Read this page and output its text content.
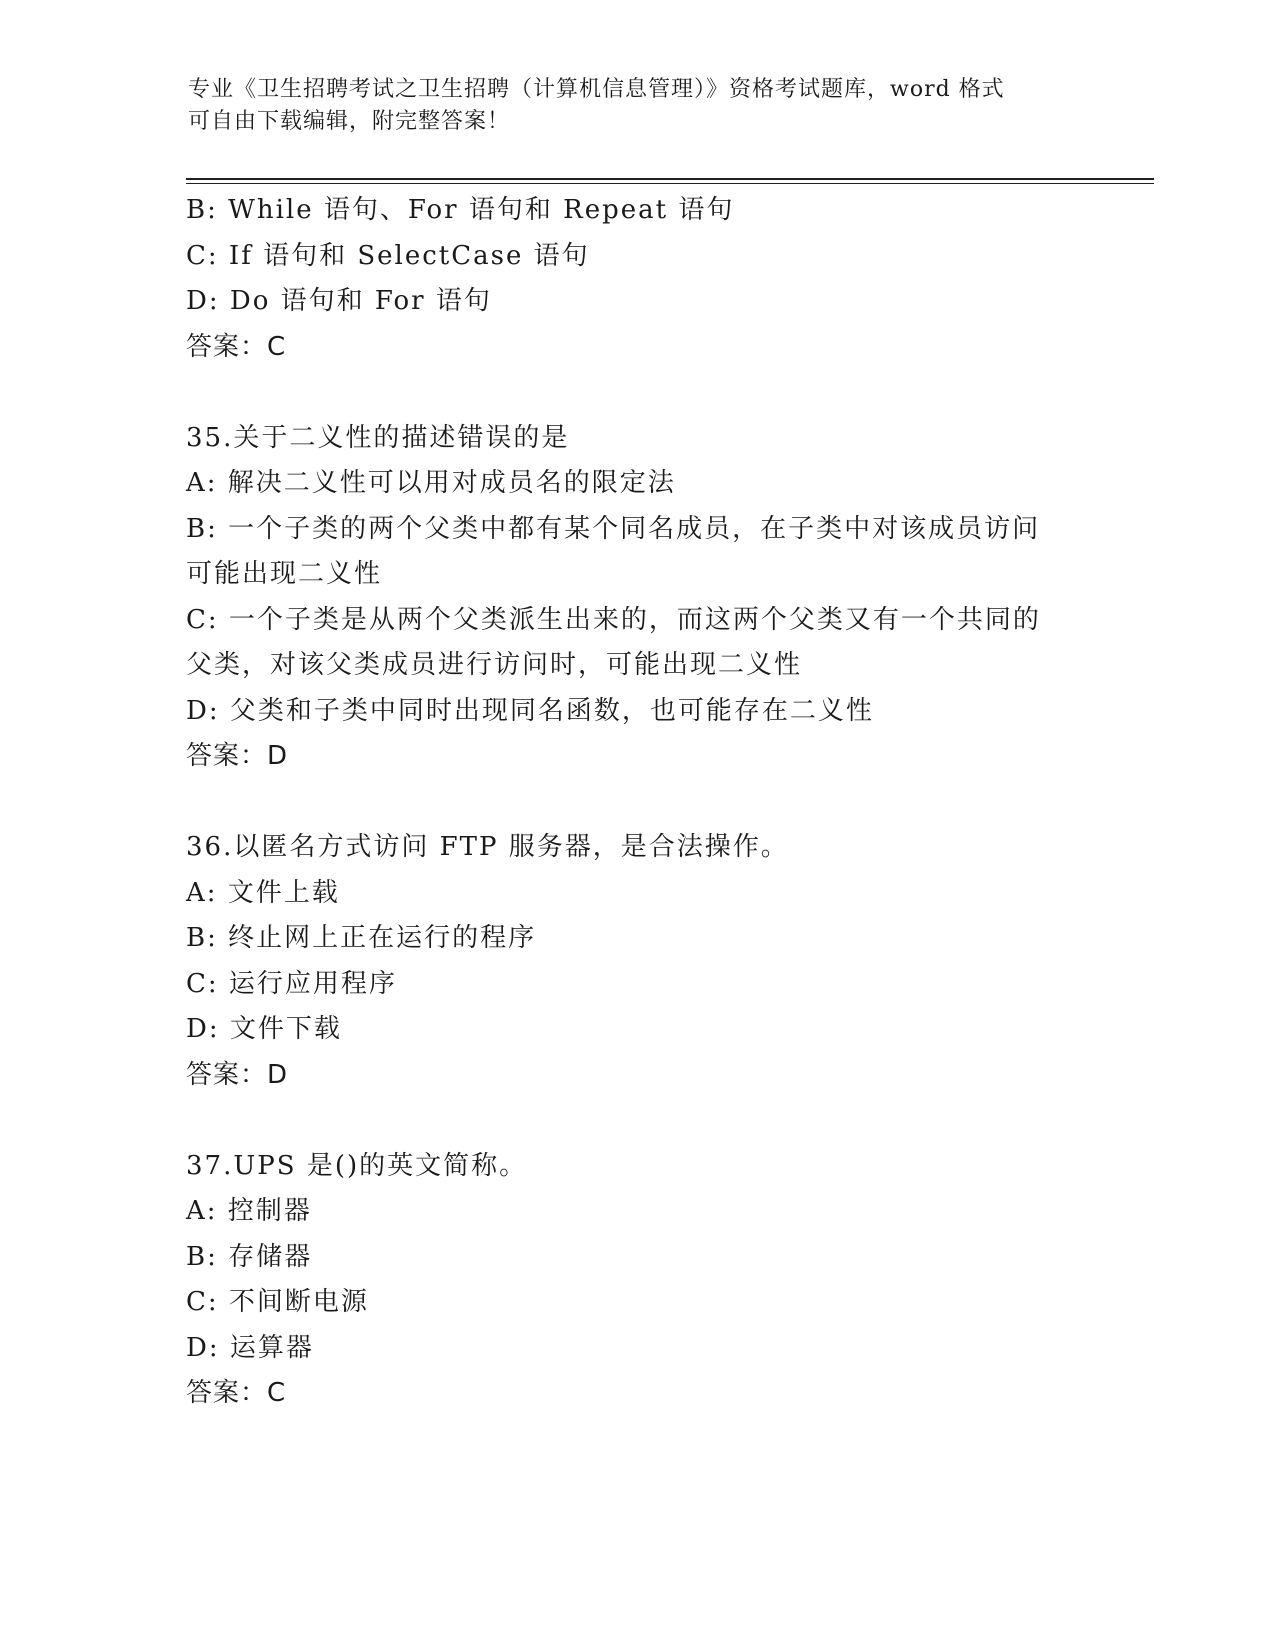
专业《卫生招聘考试之卫生招聘（计算机信息管理）》资格考试题库，word 格式
可自由下载编辑，附完整答案！
B: While 语句、For 语句和 Repeat 语句
C: If 语句和 SelectCase 语句
D: Do 语句和 For 语句
答案：C
35.关于二义性的描述错误的是
A: 解决二义性可以用对成员名的限定法
B: 一个子类的两个父类中都有某个同名成员，在子类中对该成员访问
可能出现二义性
C: 一个子类是从两个父类派生出来的，而这两个父类又有一个共同的
父类，对该父类成员进行访问时，可能出现二义性
D: 父类和子类中同时出现同名函数，也可能存在二义性
答案：D
36.以匿名方式访问 FTP 服务器，是合法操作。
A: 文件上载
B: 终止网上正在运行的程序
C: 运行应用程序
D: 文件下载
答案：D
37.UPS 是()的英文简称。
A: 控制器
B: 存储器
C: 不间断电源
D: 运算器
答案：C
